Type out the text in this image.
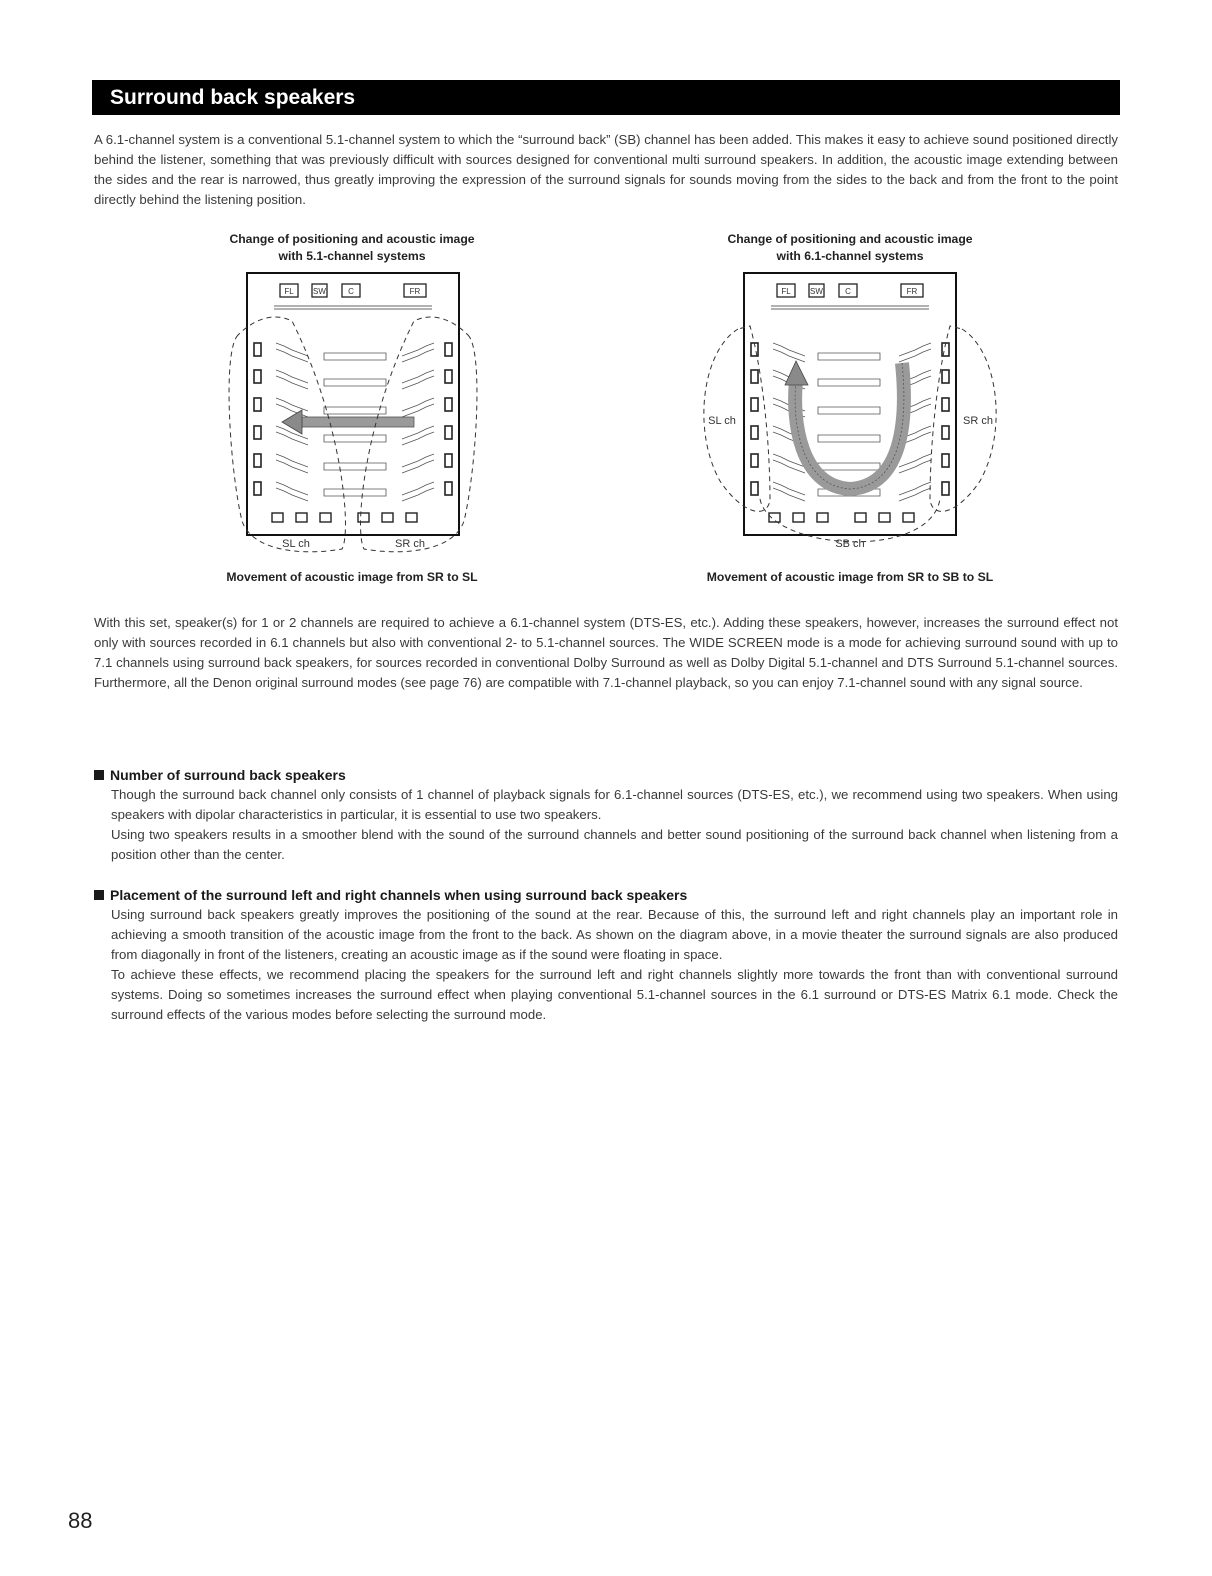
Surround back speakers

A 6.1-channel system is a conventional 5.1-channel system to which the “surround back” (SB) channel has been added. This makes it easy to achieve sound positioned directly behind the listener, something that was previously difficult with sources designed for conventional multi surround speakers. In addition, the acoustic image extending between the sides and the rear is narrowed, thus greatly improving the expression of the surround signals for sounds moving from the sides to the back and from the front to the point directly behind the listening position.

Change of positioning and acoustic image
with 5.1-channel systems
FL SW	C	FR
SL ch	SR ch
Movement of acoustic image from SR to SL
Change of positioning and acoustic image
with 6.1-channel systems
FL SW	C	FR
SL ch	SR ch
SB ch
Movement of acoustic image from SR to SB to SL

With this set, speaker(s) for 1 or 2 channels are required to achieve a 6.1-channel system (DTS-ES, etc.). Adding these speakers, however, increases the surround effect not only with sources recorded in 6.1 channels but also with conventional 2- to 5.1-channel sources. The WIDE SCREEN mode is a mode for achieving surround sound with up to 7.1 channels using surround back speakers, for sources recorded in conventional Dolby Surround as well as Dolby Digital 5.1-channel and DTS Surround 5.1-channel sources. Furthermore, all the Denon original surround modes (see page 76) are compatible with 7.1-channel playback, so you can enjoy 7.1-channel sound with any signal source.

Number of surround back speakers

Though the surround back channel only consists of 1 channel of playback signals for 6.1-channel sources (DTS-ES, etc.), we recommend using two speakers. When using speakers with dipolar characteristics in particular, it is essential to use two speakers.

Using two speakers results in a smoother blend with the sound of the surround channels and better sound positioning of the surround back channel when listening from a position other than the center.

Placement of the surround left and right channels when using surround back speakers

Using surround back speakers greatly improves the positioning of the sound at the rear. Because of this, the surround left and right channels play an important role in achieving a smooth transition of the acoustic image from the front to the back. As shown on the diagram above, in a movie theater the surround signals are also produced from diagonally in front of the listeners, creating an acoustic image as if the sound were floating in space.

To achieve these effects, we recommend placing the speakers for the surround left and right channels slightly more towards the front than with conventional surround systems. Doing so sometimes increases the surround effect when playing conventional 5.1-channel sources in the 6.1 surround or DTS-ES Matrix 6.1 mode. Check the surround effects of the various modes before selecting the surround mode.

88
